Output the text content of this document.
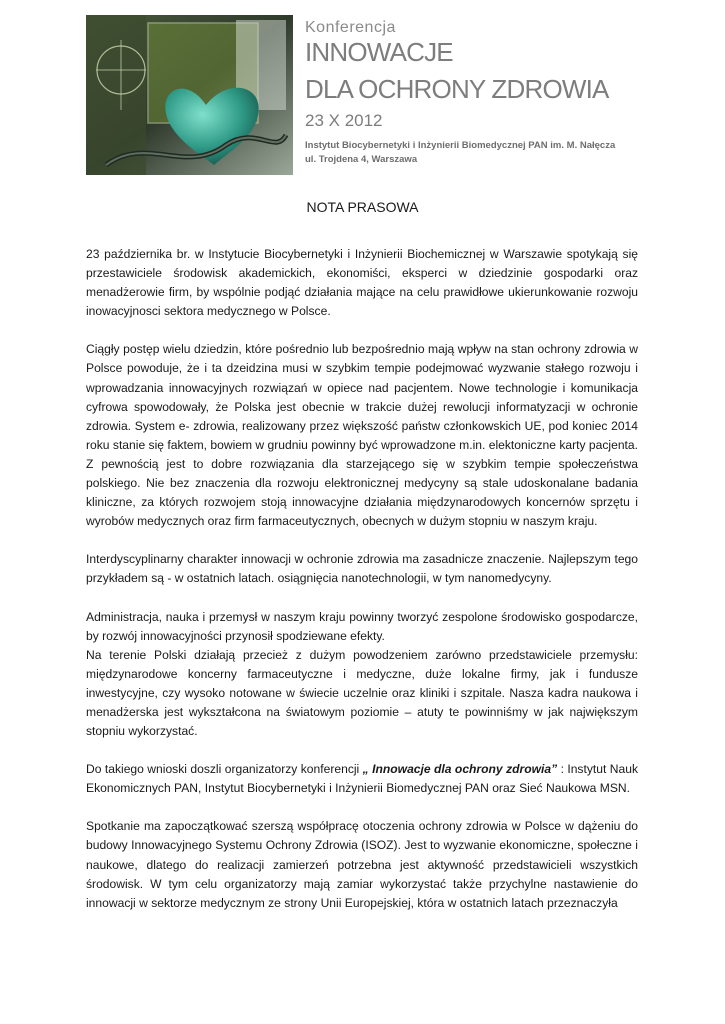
Konferencja
INNOWACJE
DLA OCHRONY ZDROWIA
23 X 2012
Instytut Biocybernetyki i Inżynierii Biomedycznej PAN im. M. Nałęcza
ul. Trojdena 4, Warszawa
NOTA PRASOWA

23 października br. w Instytucie Biocybernetyki i Inżynierii Biochemicznej w Warszawie spotykają się przestawiciele środowisk akademickich, ekonomiści, eksperci w dziedzinie gospodarki oraz menadżerowie firm, by wspólnie podjąć działania mające na celu prawidłowe ukierunkowanie rozwoju inowacyjnosci sektora medycznego w Polsce.

Ciągły postęp wielu dziedzin, które pośrednio lub bezpośrednio mają wpływ na stan ochrony zdrowia w Polsce powoduje, że i ta dzeidzina musi w szybkim tempie podejmować wyzwanie stałego rozwoju i wprowadzania innowacyjnych rozwiązań w opiece nad pacjentem. Nowe technologie i komunikacja cyfrowa spowodowały, że Polska jest obecnie w trakcie dużej rewolucji informatyzacji w ochronie zdrowia. System e- zdrowia, realizowany przez większość państw członkowskich UE, pod koniec 2014 roku stanie się faktem, bowiem w grudniu powinny być wprowadzone m.in. elektoniczne karty pacjenta. Z pewnością jest to dobre rozwiązania dla starzejącego się w szybkim tempie społeczeństwa polskiego. Nie bez znaczenia dla rozwoju elektronicznej medycyny są stale udoskonalane badania kliniczne, za których rozwojem stoją innowacyjne działania międzynarodowych koncernów sprzętu i wyrobów medycznych oraz firm farmaceutycznych, obecnych w dużym stopniu w naszym kraju.

Interdyscyplinarny charakter innowacji w ochronie zdrowia ma zasadnicze znaczenie. Najlepszym tego przykładem są - w ostatnich latach. osiągnięcia nanotechnologii, w tym nanomedycyny.

Administracja, nauka i przemysł w naszym kraju powinny tworzyć zespolone środowisko gospodarcze, by rozwój innowacyjności przynosił spodziewane efekty.

Na terenie Polski działają przecież z dużym powodzeniem zarówno przedstawiciele przemysłu: międzynarodowe koncerny farmaceutyczne i medyczne, duże lokalne firmy, jak i fundusze inwestycyjne, czy wysoko notowane w świecie uczelnie oraz kliniki i szpitale. Nasza kadra naukowa i menadżerska jest wykształcona na światowym poziomie – atuty te powinniśmy w jak największym stopniu wykorzystać.

Do takiego wnioski doszli organizatorzy konferencji „ Innowacje dla ochrony zdrowia” : Instytut Nauk Ekonomicznych PAN, Instytut Biocybernetyki i Inżynierii Biomedycznej PAN oraz Sieć Naukowa MSN.

Spotkanie ma zapoczątkować szerszą współpracę otoczenia ochrony zdrowia w Polsce w dążeniu do budowy Innowacyjnego Systemu Ochrony Zdrowia (ISOZ). Jest to wyzwanie ekonomiczne, społeczne i naukowe, dlatego do realizacji zamierzeń potrzebna jest aktywność przedstawicieli wszystkich środowisk. W tym celu organizatorzy mają zamiar wykorzystać także przychylne nastawienie do innowacji w sektorze medycznym ze strony Unii Europejskiej, która w ostatnich latach przeznaczyła
